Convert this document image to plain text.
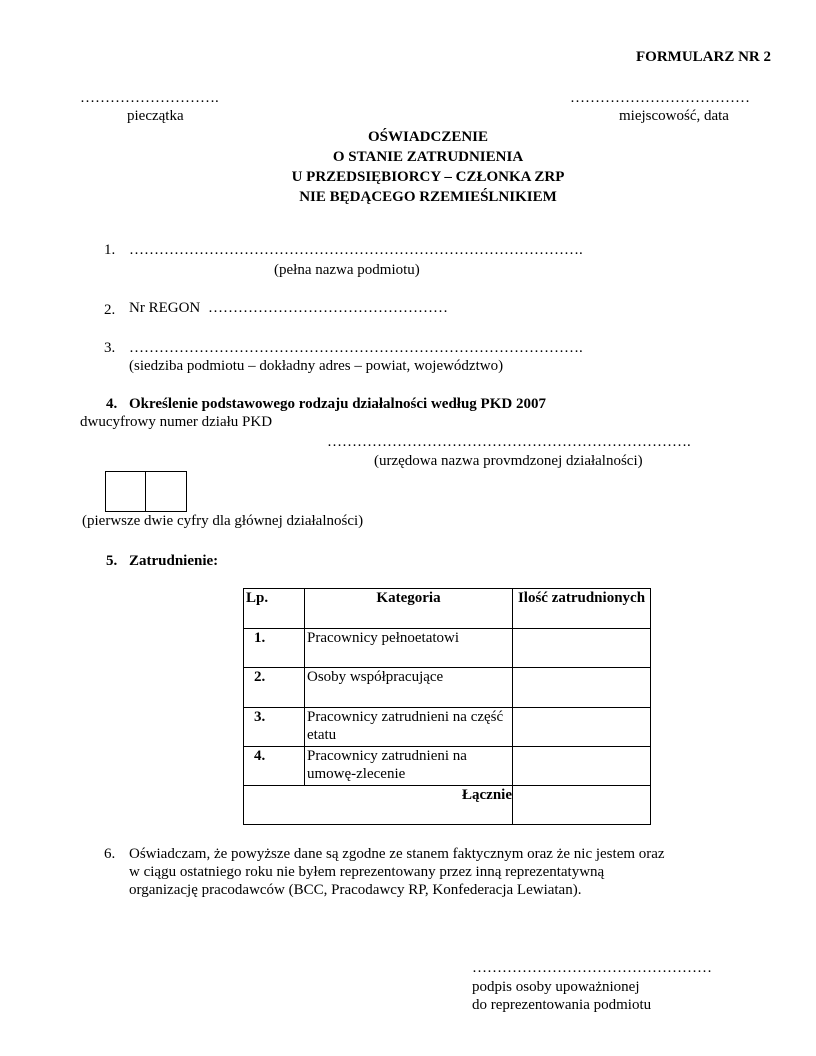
FORMULARZ NR 2
……………………….
pieczątka
………………………………
miejscowość, data
OŚWIADCZENIE
O STANIE ZATRUDNIENIA
U PRZEDSIĘBIORCY – CZŁONKA ZRP
NIE BĘDĄCEGO RZEMIEŚLNIKIEM
1. ……………………………………………………………………………….
(pełna nazwa podmiotu)
2. Nr REGON …………………………………………
3. ……………………………………………………………………………….
(siedziba podmiotu – dokładny adres – powiat, województwo)
4. Określenie podstawowego rodzaju działalności według PKD 2007
dwucyfrowy numer działu PKD
……………………………………………………………….
(urzędowa nazwa provmdzonej działalności)
(pierwsze dwie cyfry dla głównej działalności)
5. Zatrudnienie:
Lp.	Kategoria	Ilość zatrudnionych
1.	Pracownicy pełnoetatowi	
2.	Osoby współpracujące	
3.	Pracownicy zatrudnieni na część etatu	
4.	Pracownicy zatrudnieni na umowę-zlecenie	
Łącznie		
6. Oświadczam, że powyższe dane są zgodne ze stanem faktycznym oraz że nic jestem oraz
w ciągu ostatniego roku nie byłem reprezentowany przez inną reprezentatywną
organizację pracodawców (BCC, Pracodawcy RP, Konfederacja Lewiatan).
…………………………………………
podpis osoby upoważnionej
do reprezentowania podmiotu
